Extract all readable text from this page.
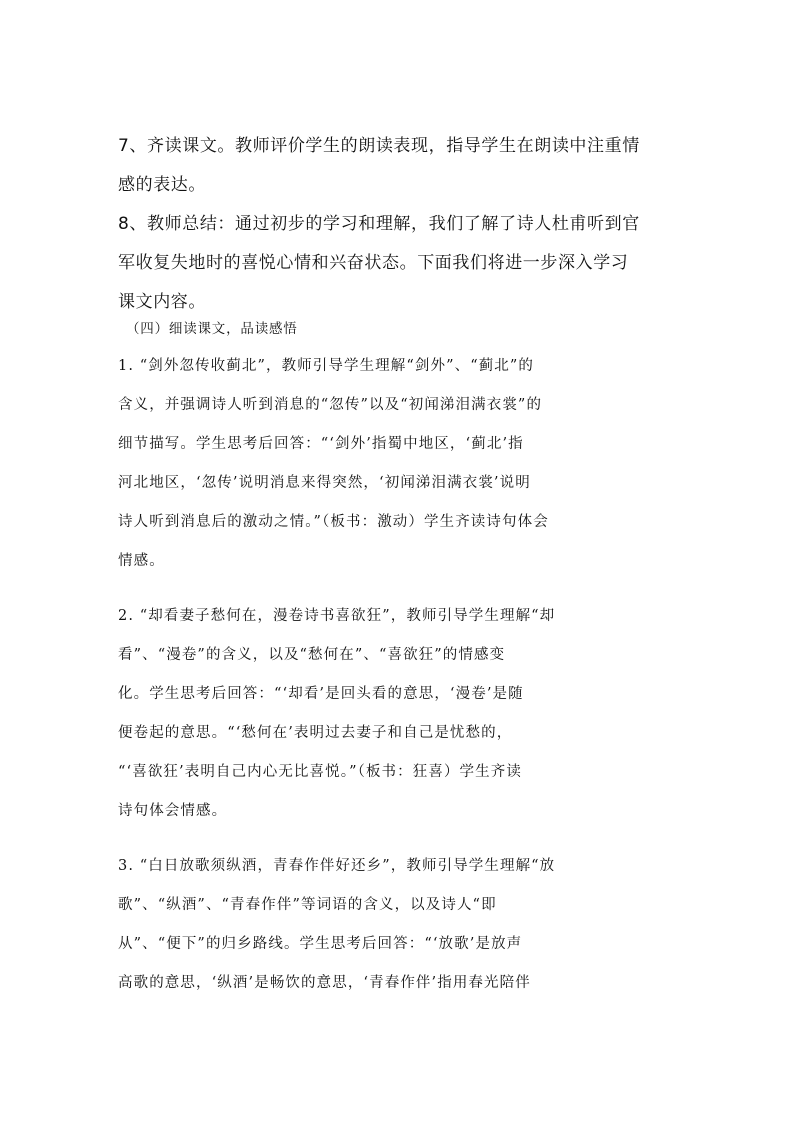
7、齐读课文。教师评价学生的朗读表现，指导学生在朗读中注重情
感的表达。

8、教师总结：通过初步的学习和理解，我们了解了诗人杜甫听到官
军收复失地时的喜悦心情和兴奋状态。下面我们将进一步深入学习
课文内容。

（四）细读课文，品读感悟

1. “剑外忽传收蓟北”，教师引导学生理解“剑外”、“蓟北”的
含义，并强调诗人听到消息的“忽传”以及“初闻涕泪满衣裳”的
细节描写。学生思考后回答：“‘剑外’指蜀中地区，‘蓟北’指
河北地区，‘忽传’说明消息来得突然，‘初闻涕泪满衣裳’说明
诗人听到消息后的激动之情。”（板书：激动）学生齐读诗句体会
情感。

2. “却看妻子愁何在，漫卷诗书喜欲狂”，教师引导学生理解“却
看”、“漫卷”的含义，以及“愁何在”、“喜欲狂”的情感变
化。学生思考后回答：“‘却看’是回头看的意思，‘漫卷’是随
便卷起的意思。“‘愁何在’表明过去妻子和自己是忧愁的，
“‘喜欲狂’表明自己内心无比喜悦。”（板书：狂喜）学生齐读
诗句体会情感。

3. “白日放歌须纵酒，青春作伴好还乡”，教师引导学生理解“放
歌”、“纵酒”、“青春作伴”等词语的含义，以及诗人“即
从”、“便下”的归乡路线。学生思考后回答：“‘放歌’是放声
高歌的意思，‘纵酒’是畅饮的意思，‘青春作伴’指用春光陪伴
